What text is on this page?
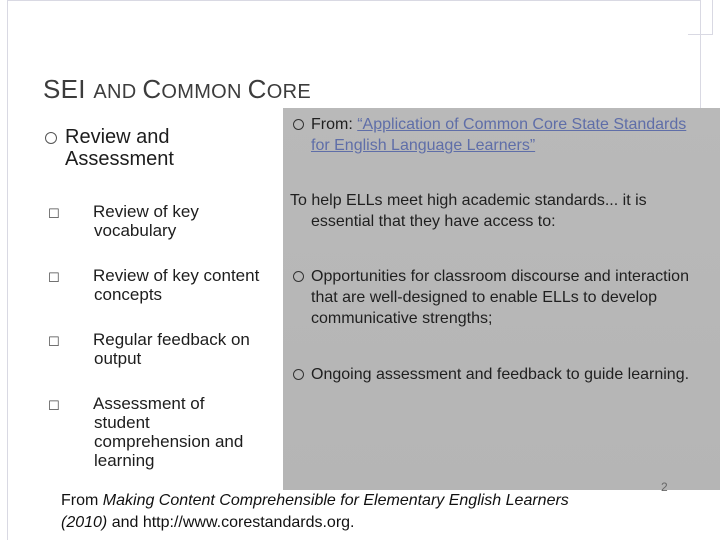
SEI AND COMMON CORE
Review and Assessment
☐	Review of key vocabulary
☐	Review of key content concepts
☐	Regular feedback on output
☐	Assessment of student comprehension and learning
From: “Application of Common Core State Standards for English Language Learners”
To help ELLs meet high academic standards... it is essential that they have access to:
Opportunities for classroom discourse and interaction that are well-designed to enable ELLs to develop communicative strengths;
Ongoing assessment and feedback to guide learning.
From Making Content Comprehensible for Elementary English Learners (2010) and http://www.corestandards.org.
2
